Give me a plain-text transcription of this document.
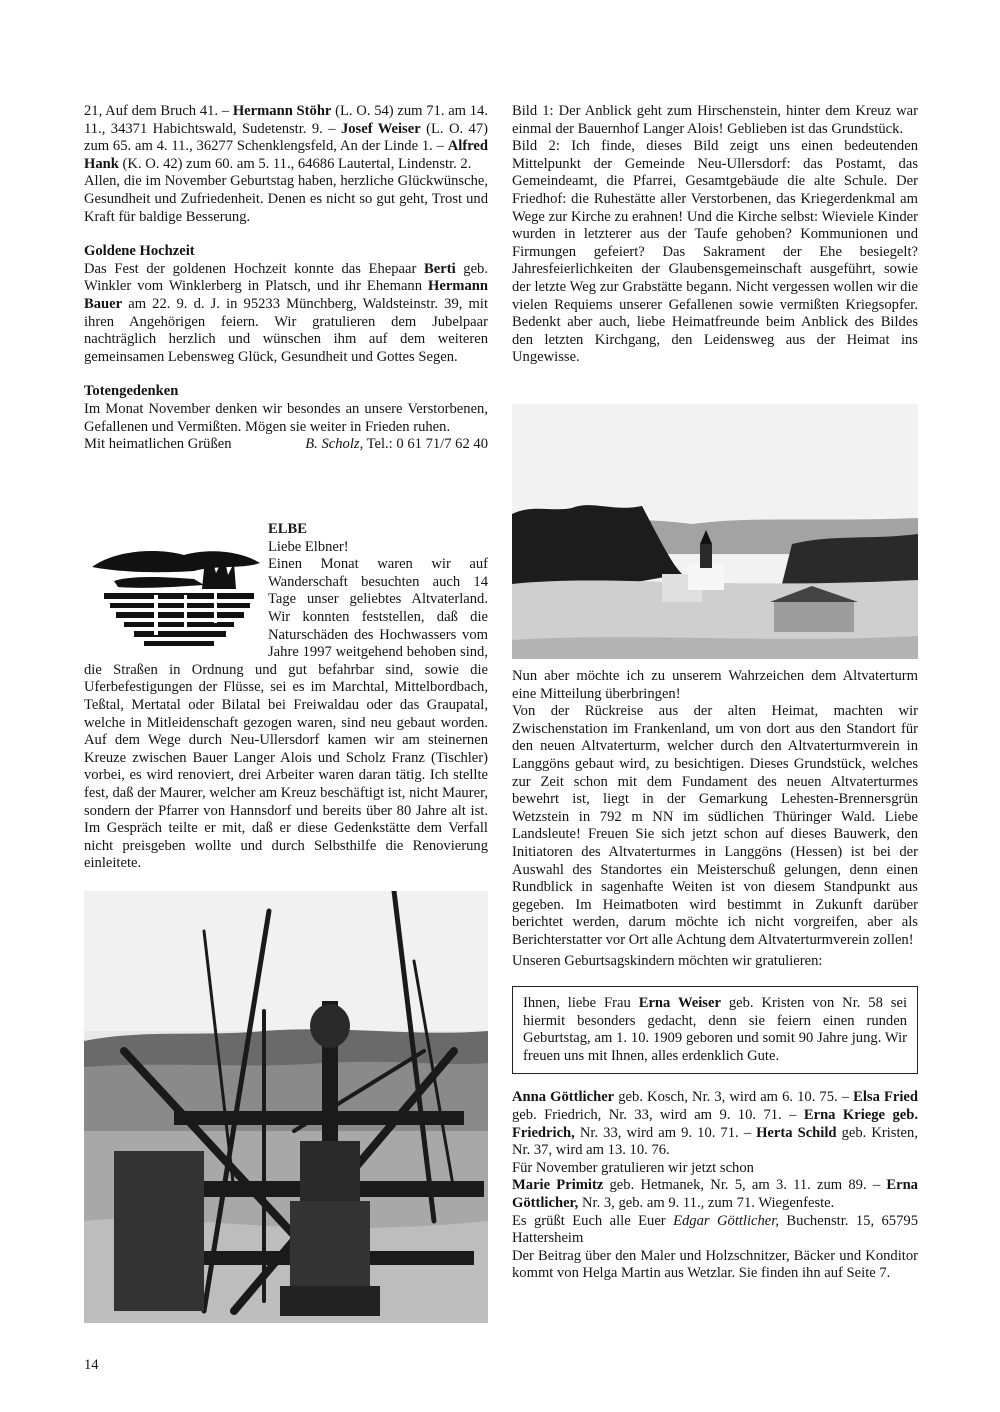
21, Auf dem Bruch 41. – Hermann Stöhr (L. O. 54) zum 71. am 14. 11., 34371 Habichtswald, Sudetenstr. 9. – Josef Weiser (L. O. 47) zum 65. am 4. 11., 36277 Schenklengsfeld, An der Linde 1. – Alfred Hank (K. O. 42) zum 60. am 5. 11., 64686 Lautertal, Lindenstr. 2.

Allen, die im November Geburtstag haben, herzliche Glückwünsche, Gesundheit und Zufriedenheit. Denen es nicht so gut geht, Trost und Kraft für baldige Besserung.

Goldene Hochzeit

Das Fest der goldenen Hochzeit konnte das Ehepaar Berti geb. Winkler vom Winklerberg in Platsch, und ihr Ehemann Hermann Bauer am 22. 9. d. J. in 95233 Münchberg, Waldsteinstr. 39, mit ihren Angehörigen feiern. Wir gratulieren dem Jubelpaar nachträglich herzlich und wünschen ihm auf dem weiteren gemeinsamen Lebensweg Glück, Gesundheit und Gottes Segen.

Totengedenken

Im Monat November denken wir besondes an unsere Verstorbenen, Gefallenen und Vermißten. Mögen sie weiter in Frieden ruhen.

Mit heimatlichen Grüßen	B. Scholz, Tel.: 0 61 71/7 62 40
ELBE

Liebe Elbner!

Einen Monat waren wir auf Wanderschaft besuchten auch 14 Tage unser geliebtes Altvaterland. Wir konnten feststellen, daß die Naturschäden des Hochwassers vom Jahre 1997 weitgehend behoben sind, die Straßen in Ordnung und gut befahrbar sind, sowie die Uferbefestigungen der Flüsse, sei es im Marchtal, Mittelbordbach, Teßtal, Mertatal oder Bilatal bei Freiwaldau oder das Graupatal, welche in Mitleidenschaft gezogen waren, sind neu gebaut worden. Auf dem Wege durch Neu-Ullersdorf kamen wir am steinernen Kreuze zwischen Bauer Langer Alois und Scholz Franz (Tischler) vorbei, es wird renoviert, drei Arbeiter waren daran tätig. Ich stellte fest, daß der Maurer, welcher am Kreuz beschäftigt ist, nicht Maurer, sondern der Pfarrer von Hannsdorf und bereits über 80 Jahre alt ist. Im Gespräch teilte er mit, daß er diese Gedenkstätte dem Verfall nicht preisgeben wollte und durch Selbsthilfe die Renovierung einleitete.

Bild 1: Der Anblick geht zum Hirschenstein, hinter dem Kreuz war einmal der Bauernhof Langer Alois! Geblieben ist das Grundstück.

Bild 2: Ich finde, dieses Bild zeigt uns einen bedeutenden Mittelpunkt der Gemeinde Neu-Ullersdorf: das Postamt, das Gemeindeamt, die Pfarrei, Gesamtgebäude die alte Schule. Der Friedhof: die Ruhestätte aller Verstorbenen, das Kriegerdenkmal am Wege zur Kirche zu erahnen! Und die Kirche selbst: Wieviele Kinder wurden in letzterer aus der Taufe gehoben? Kommunionen und Firmungen gefeiert? Das Sakrament der Ehe besiegelt? Jahresfeierlichkeiten der Glaubensgemeinschaft ausgeführt, sowie der letzte Weg zur Grabstätte begann. Nicht vergessen wollen wir die vielen Requiems unserer Gefallenen sowie vermißten Kriegsopfer. Bedenkt aber auch, liebe Heimatfreunde beim Anblick des Bildes den letzten Kirchgang, den Leidensweg aus der Heimat ins Ungewisse.

Nun aber möchte ich zu unserem Wahrzeichen dem Altvaterturm eine Mitteilung überbringen!

Von der Rückreise aus der alten Heimat, machten wir Zwischenstation im Frankenland, um von dort aus den Standort für den neuen Altvaterturm, welcher durch den Altvaterturmverein in Langgöns gebaut wird, zu besichtigen. Dieses Grundstück, welches zur Zeit schon mit dem Fundament des neuen Altvaterturmes bewehrt ist, liegt in der Gemarkung Lehesten-Brennersgrün Wetzstein in 792 m NN im südlichen Thüringer Wald. Liebe Landsleute! Freuen Sie sich jetzt schon auf dieses Bauwerk, den Initiatoren des Altvaterturmes in Langgöns (Hessen) ist bei der Auswahl des Standortes ein Meisterschuß gelungen, denn einen Rundblick in sagenhafte Weiten ist von diesem Standpunkt aus gegeben. Im Heimatboten wird bestimmt in Zukunft darüber berichtet werden, darum möchte ich nicht vorgreifen, aber als Berichterstatter vor Ort alle Achtung dem Altvaterturmverein zollen!

Unseren Geburtsagskindern möchten wir gratulieren:

Ihnen, liebe Frau Erna Weiser geb. Kristen von Nr. 58 sei hiermit besonders gedacht, denn sie feiern einen runden Geburtstag, am 1. 10. 1909 geboren und somit 90 Jahre jung. Wir freuen uns mit Ihnen, alles erdenklich Gute.

Anna Göttlicher geb. Kosch, Nr. 3, wird am 6. 10. 75. – Elsa Fried geb. Friedrich, Nr. 33, wird am 9. 10. 71. – Erna Kriege geb. Friedrich, Nr. 33, wird am 9. 10. 71. – Herta Schild geb. Kristen, Nr. 37, wird am 13. 10. 76.

Für November gratulieren wir jetzt schon

Marie Primitz geb. Hetmanek, Nr. 5, am 3. 11. zum 89. – Erna Göttlicher, Nr. 3, geb. am 9. 11., zum 71. Wiegenfeste.

Es grüßt Euch alle Euer Edgar Göttlicher, Buchenstr. 15, 65795 Hattersheim

Der Beitrag über den Maler und Holzschnitzer, Bäcker und Konditor kommt von Helga Martin aus Wetzlar. Sie finden ihn auf Seite 7.

14
